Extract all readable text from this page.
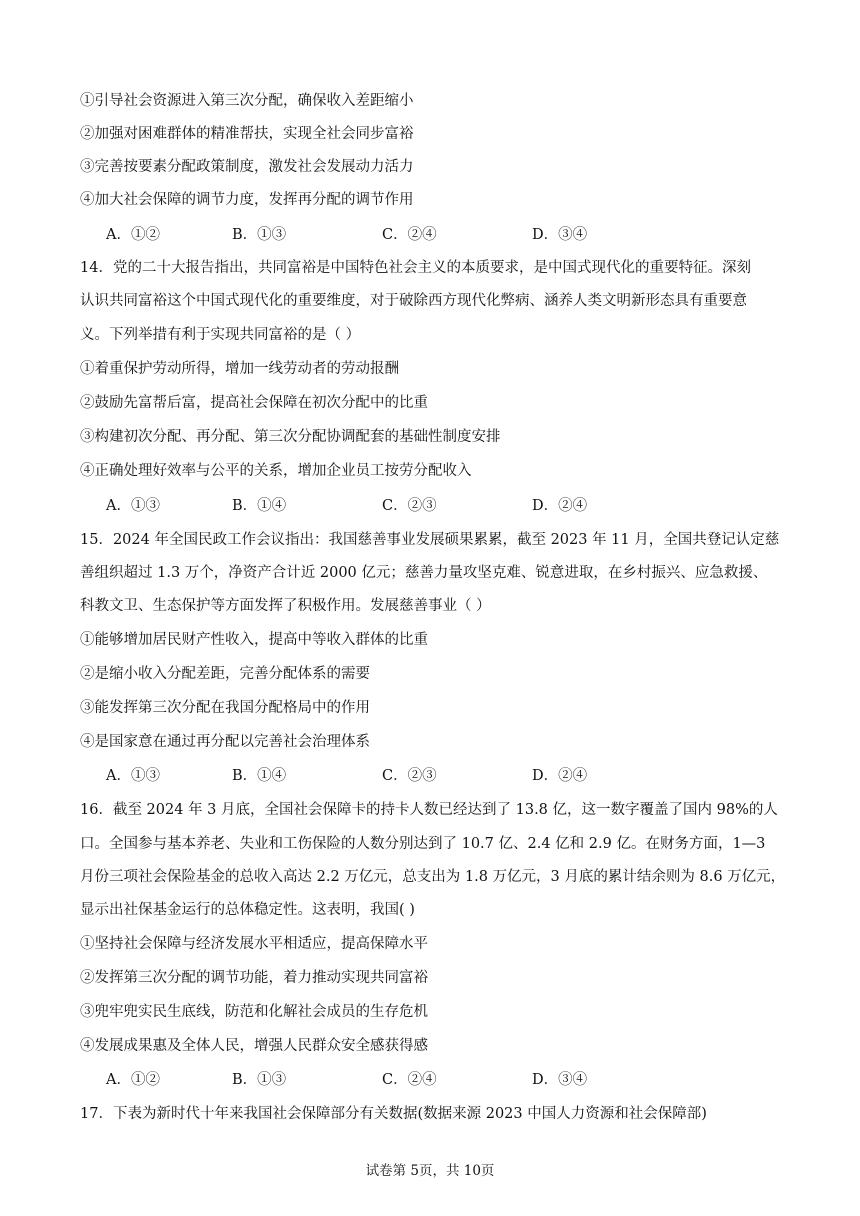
①引导社会资源进入第三次分配，确保收入差距缩小
②加强对困难群体的精准帮扶，实现全社会同步富裕
③完善按要素分配政策制度，激发社会发展动力活力
④加大社会保障的调节力度，发挥再分配的调节作用
A．①②	B．①③	C．②④	D．③④
14．党的二十大报告指出，共同富裕是中国特色社会主义的本质要求，是中国式现代化的重要特征。深刻
认识共同富裕这个中国式现代化的重要维度，对于破除西方现代化弊病、涵养人类文明新形态具有重要意
义。下列举措有利于实现共同富裕的是（ ）
①着重保护劳动所得，增加一线劳动者的劳动报酬
②鼓励先富帮后富，提高社会保障在初次分配中的比重
③构建初次分配、再分配、第三次分配协调配套的基础性制度安排
④正确处理好效率与公平的关系，增加企业员工按劳分配收入
A．①③	B．①④	C．②③	D．②④
15．2024 年全国民政工作会议指出：我国慈善事业发展硕果累累，截至 2023 年 11 月，全国共登记认定慈
善组织超过 1.3 万个，净资产合计近 2000 亿元；慈善力量攻坚克难、锐意进取，在乡村振兴、应急救援、
科教文卫、生态保护等方面发挥了积极作用。发展慈善事业（ ）
①能够增加居民财产性收入，提高中等收入群体的比重
②是缩小收入分配差距，完善分配体系的需要
③能发挥第三次分配在我国分配格局中的作用
④是国家意在通过再分配以完善社会治理体系
A．①③	B．①④	C．②③	D．②④
16．截至 2024 年 3 月底，全国社会保障卡的持卡人数已经达到了 13.8 亿，这一数字覆盖了国内 98%的人
口。全国参与基本养老、失业和工伤保险的人数分别达到了 10.7 亿、2.4 亿和 2.9 亿。在财务方面，1—3
月份三项社会保险基金的总收入高达 2.2 万亿元，总支出为 1.8 万亿元，3 月底的累计结余则为 8.6 万亿元，
显示出社保基金运行的总体稳定性。这表明，我国( )
①坚持社会保障与经济发展水平相适应，提高保障水平
②发挥第三次分配的调节功能，着力推动实现共同富裕
③兜牢兜实民生底线，防范和化解社会成员的生存危机
④发展成果惠及全体人民，增强人民群众安全感获得感
A．①②	B．①③	C．②④	D．③④
17．下表为新时代十年来我国社会保障部分有关数据(数据来源 2023 中国人力资源和社会保障部)
试卷第 5页，共 10页
